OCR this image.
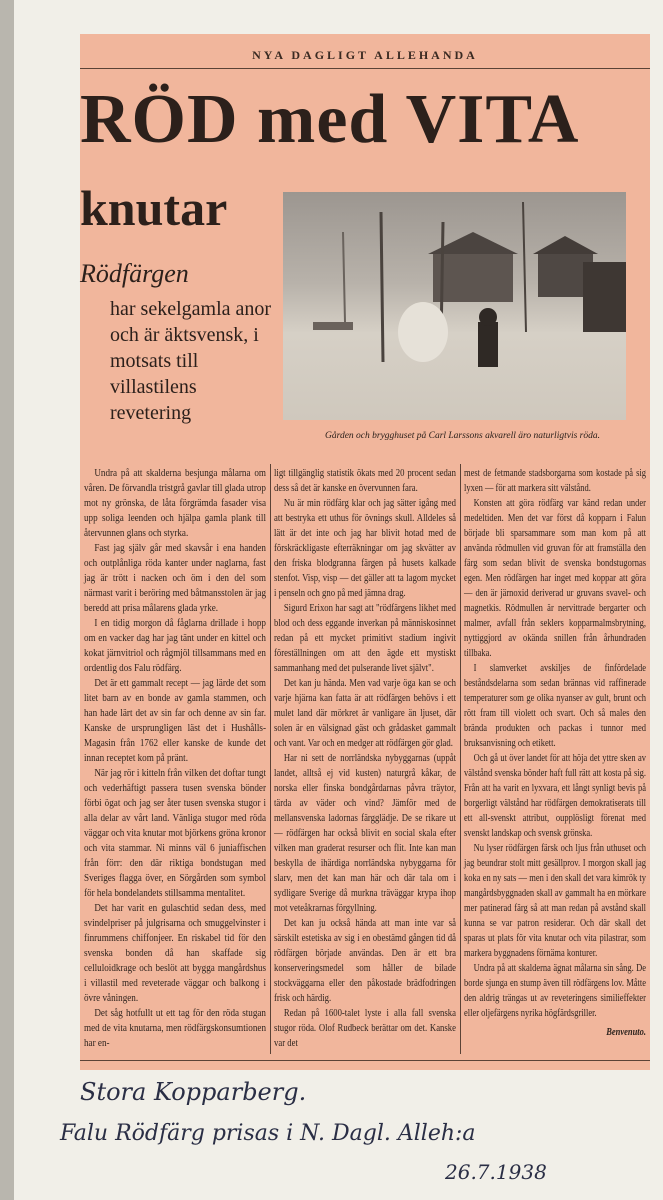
NYA DAGLIGT ALLEHANDA
RÖD med VITA
knutar
Rödfärgen
har sekelgamla anor och är äktsvensk, i motsats till villastilens revetering
Gården och brygghuset på Carl Larssons akvarell äro naturligtvis röda.

Undra på att skalderna besjunga målarna om våren. De förvandla tristgrå gavlar till glada utrop mot ny grönska, de låta förgrämda fasader visa upp soliga leenden och hjälpa gamla plank till återvunnen glans och styrka.

Fast jag själv går med skavsår i ena handen och outplånliga röda kanter under naglarna, fast jag är trött i nacken och öm i den del som närmast varit i beröring med båtmansstolen är jag beredd att prisa målarens glada yrke.

I en tidig morgon då fåglarna drillade i hopp om en vacker dag har jag tänt under en kittel och kokat järnvitriol och rågmjöl tillsammans med en ordentlig dos Falu rödfärg.

Det är ett gammalt recept — jag lärde det som litet barn av en bonde av gamla stammen, och han hade lärt det av sin far och denne av sin far. Kanske de ursprungligen läst det i Hushålls-Magasin från 1762 eller kanske de kunde det innan receptet kom på pränt.

När jag rör i kitteln från vilken det doftar tungt och vederhäftigt passera tusen svenska bönder förbi ögat och jag ser åter tusen svenska stugor i alla delar av vårt land. Vänliga stugor med röda väggar och vita knutar mot björkens gröna kronor och vita stammar. Ni minns väl 6 juniaffischen från förr: den där riktiga bondstugan med Sveriges flagga över, en Sörgården som symbol för hela bondelandets stillsamma mentalitet.

Det har varit en gulaschtid sedan dess, med svindelpriser på julgrisarna och smuggelvinster i finrummens chiffonjeer. En riskabel tid för den svenska bonden då han skaffade sig celluloidkrage och beslöt att bygga mangårdshus i villastil med reveterade väggar och balkong i övre våningen.

Det såg hotfullt ut ett tag för den röda stugan med de vita knutarna, men rödfärgskonsumtionen har en-

ligt tillgänglig statistik ökats med 20 procent sedan dess så det är kanske en övervunnen fara.

Nu är min rödfärg klar och jag sätter igång med att bestryka ett uthus för övnings skull. Alldeles så lätt är det inte och jag har blivit hotad med de förskräckligaste efterräkningar om jag skvätter av den friska blodgranna färgen på husets kalkade stenfot. Visp, visp — det gäller att ta lagom mycket i penseln och gno på med jämna drag.

Sigurd Erixon har sagt att "rödfärgens likhet med blod och dess eggande inverkan på människosinnet redan på ett mycket primitivt stadium ingivit föreställningen om att den ägde ett mystiskt sammanhang med det pulserande livet självt".

Det kan ju hända. Men vad varje öga kan se och varje hjärna kan fatta är att rödfärgen behövs i ett mulet land där mörkret är vanligare än ljuset, där solen är en välsignad gäst och grådasket gammalt och vant. Var och en medger att rödfärgen gör glad.

Har ni sett de norrländska nybyggarnas (uppåt landet, alltså ej vid kusten) naturgrå kåkar, de norska eller finska bondgårdarnas påvra träytor, tärda av väder och vind? Jämför med de mellansvenska ladornas färgglädje. De se rikare ut — rödfärgen har också blivit en social skala efter vilken man graderat resurser och flit. Inte kan man beskylla de ihärdiga norrländska nybyggarna för slarv, men det kan man här och där tala om i sydligare Sverige då murkna träväggar krypa ihop mot veteåkrarnas förgyllning.

Det kan ju också hända att man inte var så särskilt estetiska av sig i en obestämd gången tid då rödfärgen började användas. Den är ett bra konserveringsmedel som håller de bilade stockväggarna eller den påkostade brädfodringen frisk och härdig.

Redan på 1600-talet lyste i alla fall svenska stugor röda. Olof Rudbeck berättar om det. Kanske var det

mest de fetmande stadsborgarna som kostade på sig lyxen — för att markera sitt välstånd.

Konsten att göra rödfärg var känd redan under medeltiden. Men det var först då kopparn i Falun började bli sparsammare som man kom på att använda rödmullen vid gruvan för att framställa den färg som sedan blivit de svenska bondstugornas egen. Men rödfärgen har inget med koppar att göra — den är järnoxid deriverad ur gruvans svavel- och magnetkis. Rödmullen är nervittrade bergarter och malmer, avfall från seklers kopparmalmsbrytning, nyttiggjord av okända snillen från århundraden tillbaka.

I slamverket avskiljes de finfördelade beståndsdelarna som sedan brännas vid raffinerade temperaturer som ge olika nyanser av gult, brunt och rött fram till violett och svart. Och så males den brända produkten och packas i tunnor med bruksanvisning och etikett.

Och gå ut över landet för att höja det yttre sken av välstånd svenska bönder haft full rätt att kosta på sig. Från att ha varit en lyxvara, ett långt synligt bevis på borgerligt välstånd har rödfärgen demokratiserats till ett all-svenskt attribut, oupplösligt förenat med svenskt landskap och svensk grönska.

Nu lyser rödfärgen färsk och ljus från uthuset och jag beundrar stolt mitt gesällprov. I morgon skall jag koka en ny sats — men i den skall det vara kimrök ty mangårdsbyggnaden skall av gammalt ha en mörkare mer patinerad färg så att man redan på avstånd skall kunna se var patron residerar. Och där skall det sparas ut plats för vita knutar och vita pilastrar, som markera byggnadens förnäma konturer.

Undra på att skalderna ägnat målarna sin sång. De borde sjunga en stump även till rödfärgens lov. Måtte den aldrig trängas ut av reveteringens similieffekter eller oljefärgens nyrika högfärdsgriller.

Benvenuto.
Stora Kopparberg.
Falu Rödfärg prisas i N. Dagl. Alleh:a
26.7.1938
